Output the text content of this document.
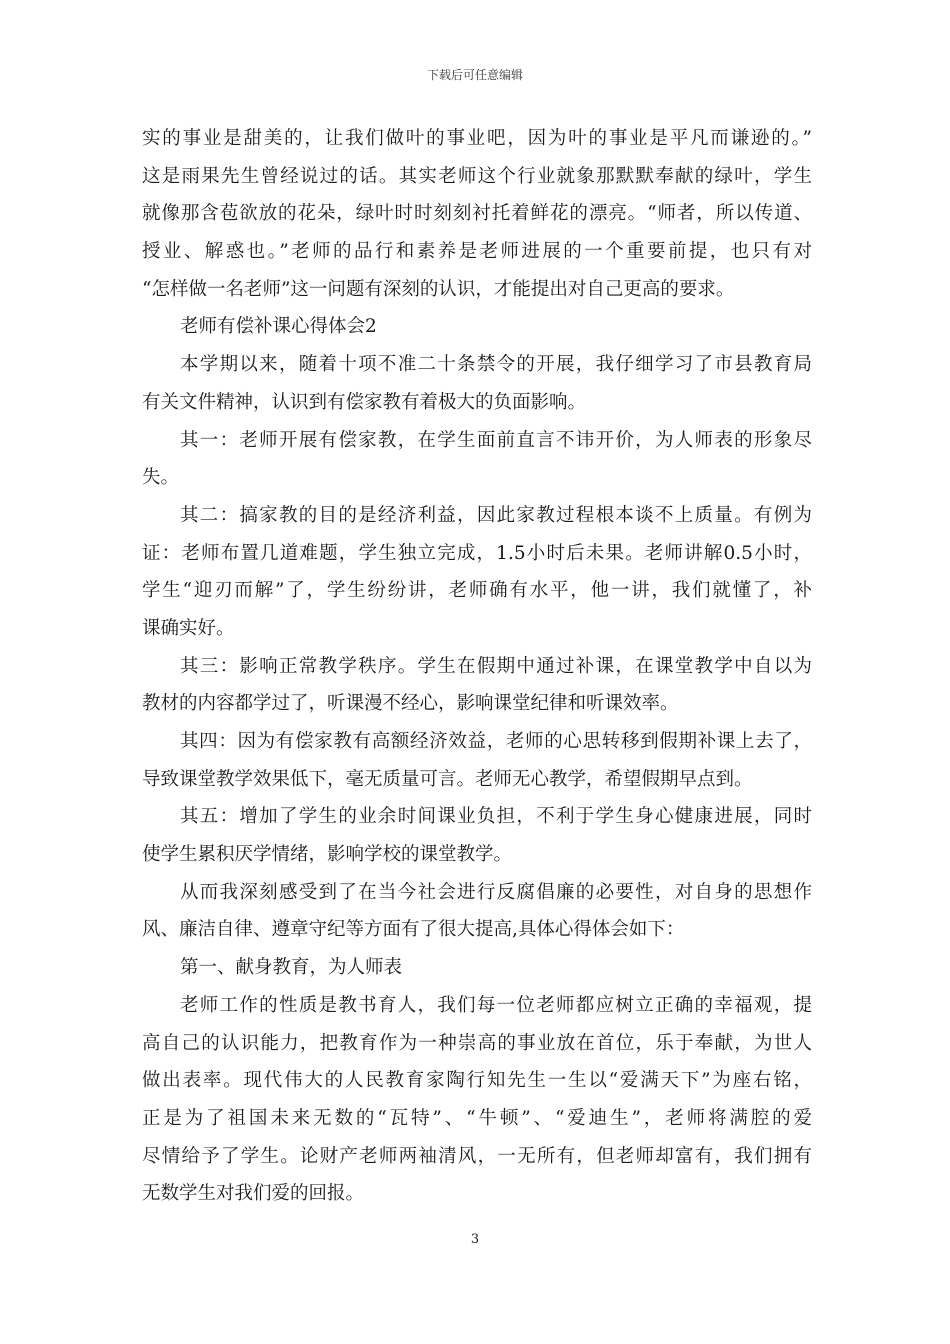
下载后可任意编辑
实的事业是甜美的，让我们做叶的事业吧，因为叶的事业是平凡而谦逊的。”
这是雨果先生曾经说过的话。其实老师这个行业就象那默默奉献的绿叶，学生
就像那含苞欲放的花朵，绿叶时时刻刻衬托着鲜花的漂亮。“师者，所以传道、
授业、解惑也。”老师的品行和素养是老师进展的一个重要前提，也只有对
“怎样做一名老师”这一问题有深刻的认识，才能提出对自己更高的要求。
老师有偿补课心得体会2
本学期以来，随着十项不准二十条禁令的开展，我仔细学习了市县教育局
有关文件精神，认识到有偿家教有着极大的负面影响。
其一：老师开展有偿家教，在学生面前直言不讳开价，为人师表的形象尽
失。
其二：搞家教的目的是经济利益，因此家教过程根本谈不上质量。有例为
证：老师布置几道难题，学生独立完成，1.5小时后未果。老师讲解0.5小时，
学生“迎刃而解”了，学生纷纷讲，老师确有水平，他一讲，我们就懂了，补
课确实好。
其三：影响正常教学秩序。学生在假期中通过补课，在课堂教学中自以为
教材的内容都学过了，听课漫不经心，影响课堂纪律和听课效率。
其四：因为有偿家教有高额经济效益，老师的心思转移到假期补课上去了，
导致课堂教学效果低下，毫无质量可言。老师无心教学，希望假期早点到。
其五：增加了学生的业余时间课业负担，不利于学生身心健康进展，同时
使学生累积厌学情绪，影响学校的课堂教学。
从而我深刻感受到了在当今社会进行反腐倡廉的必要性，对自身的思想作
风、廉洁自律、遵章守纪等方面有了很大提高,具体心得体会如下：
第一、献身教育，为人师表
老师工作的性质是教书育人，我们每一位老师都应树立正确的幸福观，提
高自己的认识能力，把教育作为一种崇高的事业放在首位，乐于奉献，为世人
做出表率。现代伟大的人民教育家陶行知先生一生以“爱满天下”为座右铭，
正是为了祖国未来无数的“瓦特”、“牛顿”、“爱迪生”，老师将满腔的爱
尽情给予了学生。论财产老师两袖清风，一无所有，但老师却富有，我们拥有
无数学生对我们爱的回报。
3
